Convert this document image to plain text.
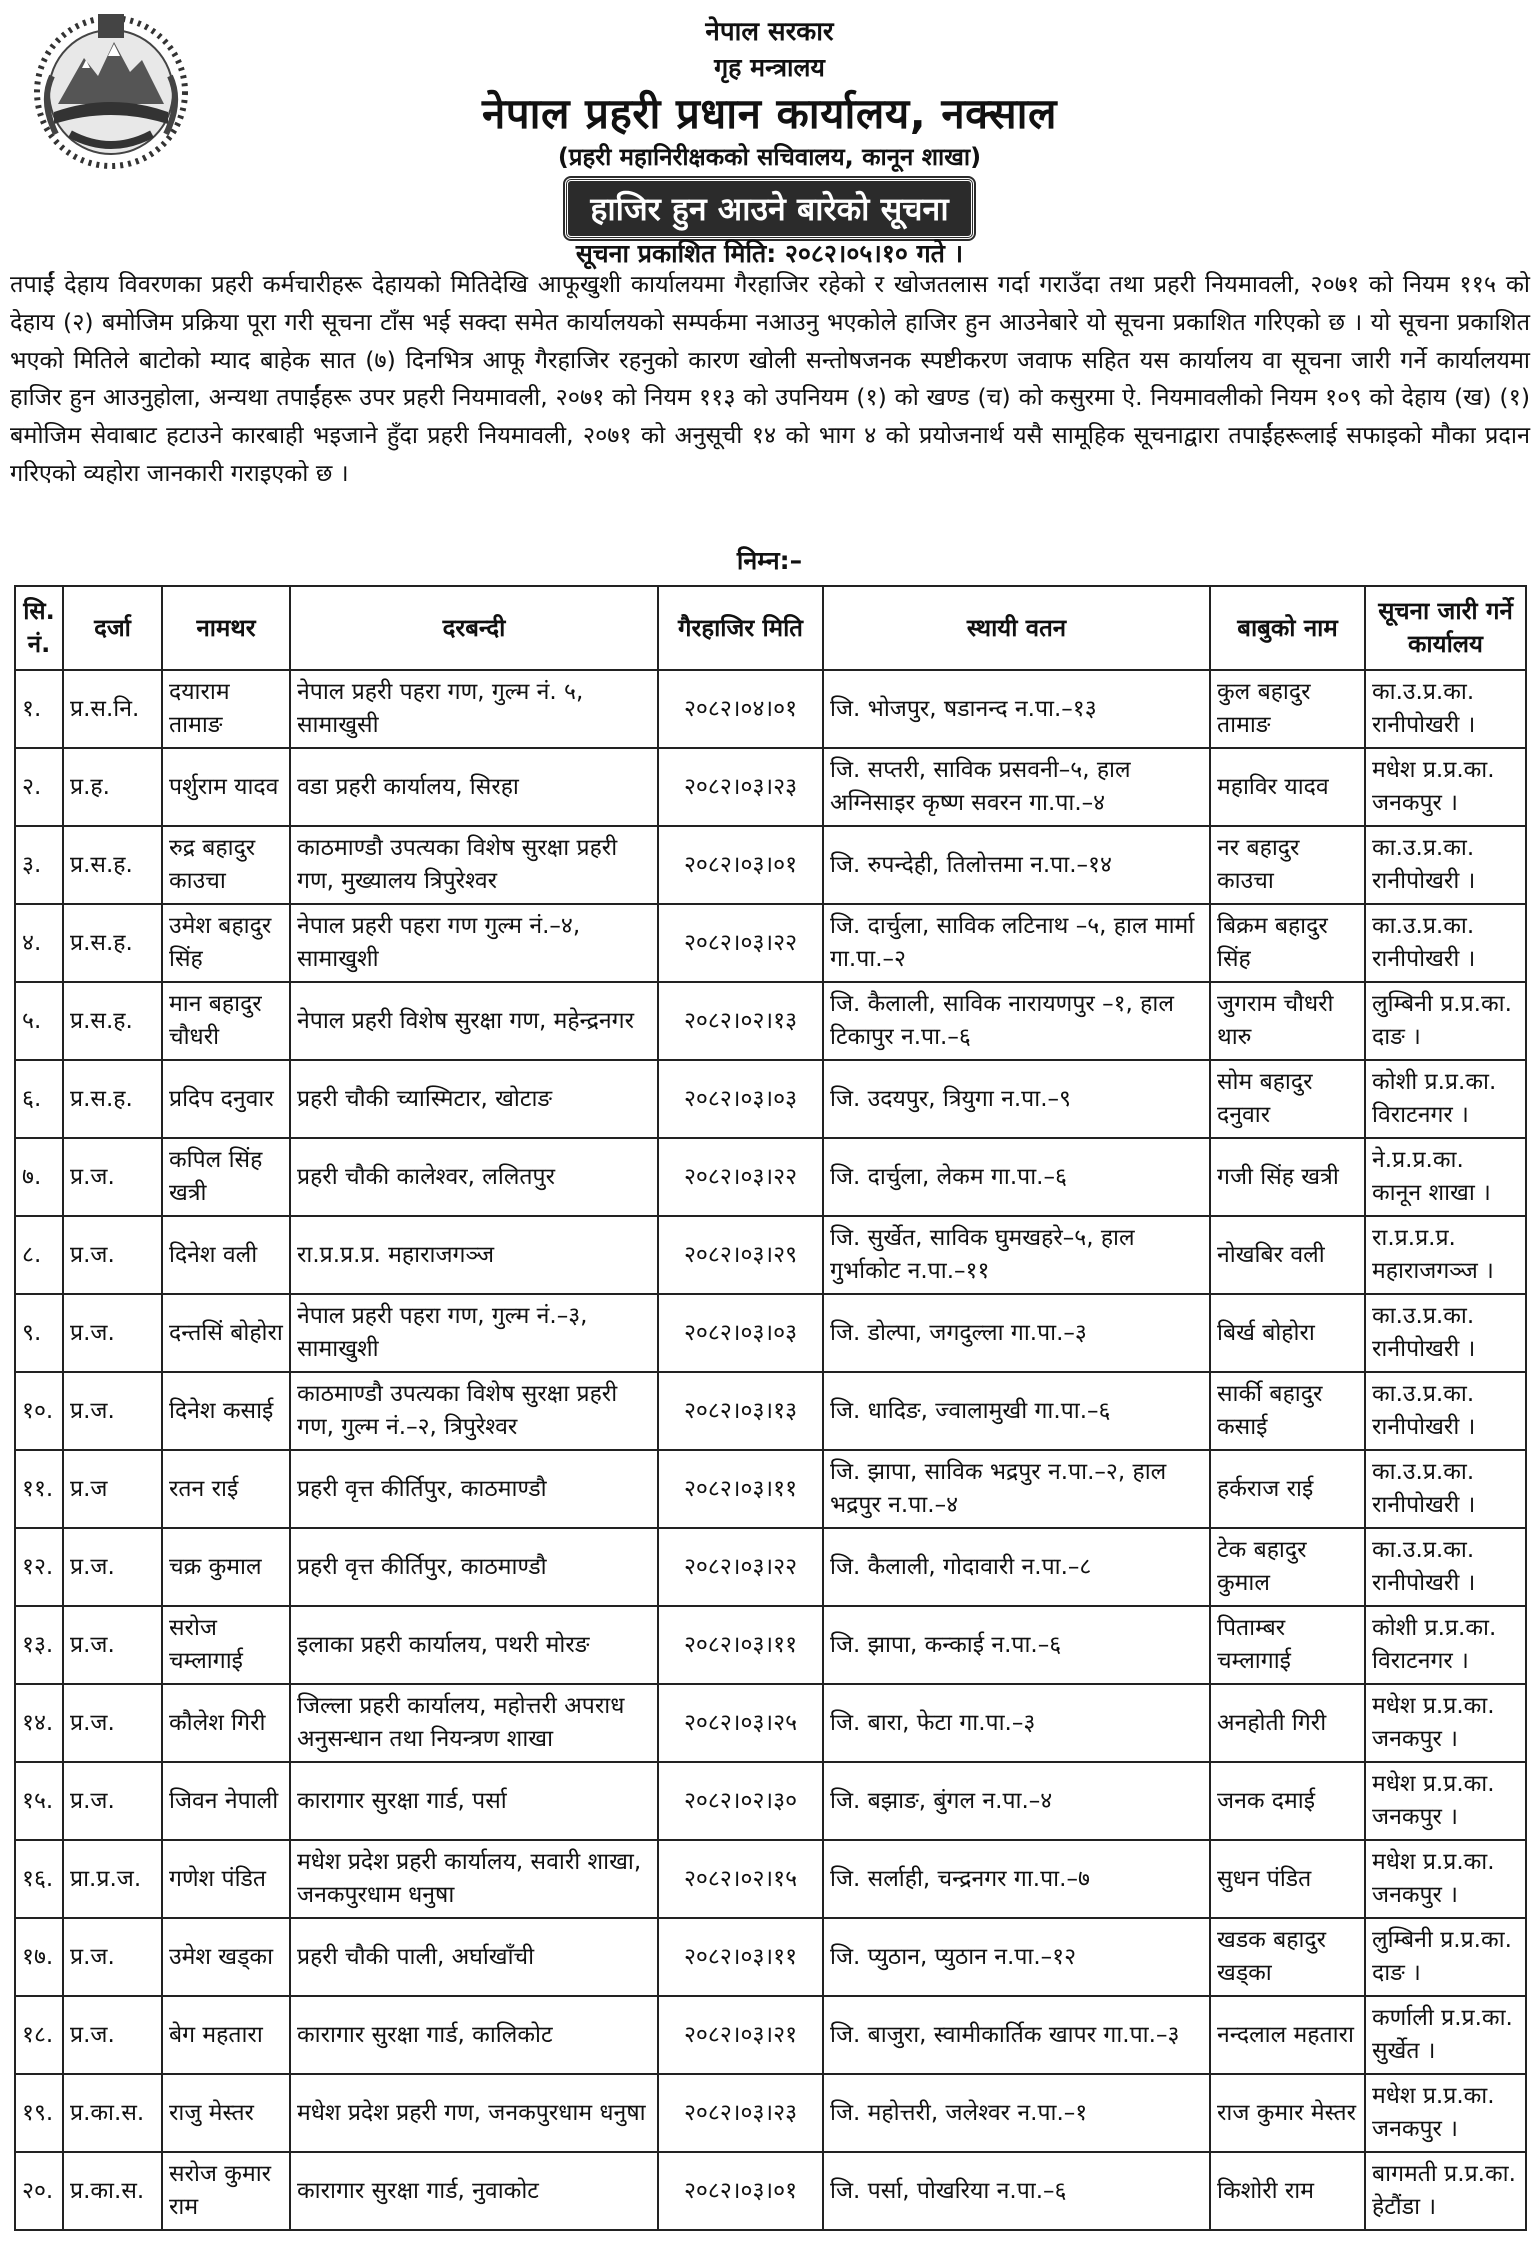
नेपाल सरकार
गृह मन्त्रालय
नेपाल प्रहरी प्रधान कार्यालय, नक्साल
(प्रहरी महानिरीक्षकको सचिवालय, कानून शाखा)
हाजिर हुन आउने बारेको सूचना
सूचना प्रकाशित मिति: २०८२।०५।१० गते ।
तपाईं देहाय विवरणका प्रहरी कर्मचारीहरू देहायको मितिदेखि आफूखुशी कार्यालयमा गैरहाजिर रहेको र खोजतलास गर्दा गराउँदा तथा प्रहरी नियमावली, २०७१ को नियम ११५ को देहाय (२) बमोजिम प्रक्रिया पूरा गरी सूचना टाँस भई सक्दा समेत कार्यालयको सम्पर्कमा नआउनु भएकोले हाजिर हुन आउनेबारे यो सूचना प्रकाशित गरिएको छ । यो सूचना प्रकाशित भएको मितिले बाटोको म्याद बाहेक सात (७) दिनभित्र आफू गैरहाजिर रहनुको कारण खोली सन्तोषजनक स्पष्टीकरण जवाफ सहित यस कार्यालय वा सूचना जारी गर्ने कार्यालयमा हाजिर हुन आउनुहोला, अन्यथा तपाईंहरू उपर प्रहरी नियमावली, २०७१ को नियम ११३ को उपनियम (१) को खण्ड (च) को कसुरमा ऐ. नियमावलीको नियम १०९ को देहाय (ख) (१) बमोजिम सेवाबाट हटाउने कारबाही भइजाने हुँदा प्रहरी नियमावली, २०७१ को अनुसूची १४ को भाग ४ को प्रयोजनार्थ यसै सामूहिक सूचनाद्वारा तपाईंहरूलाई सफाइको मौका प्रदान गरिएको व्यहोरा जानकारी गराइएको छ ।
निम्न:–
सि. नं.	दर्जा	नामथर	दरबन्दी	गैरहाजिर मिति	स्थायी वतन	बाबुको नाम	सूचना जारी गर्ने कार्यालय
१.	प्र.स.नि.	दयाराम तामाङ	नेपाल प्रहरी पहरा गण, गुल्म नं. ५, सामाखुसी	२०८२।०४।०१	जि. भोजपुर, षडानन्द न.पा.–१३	कुल बहादुर तामाङ	का.उ.प्र.का. रानीपोखरी ।
२.	प्र.ह.	पर्शुराम यादव	वडा प्रहरी कार्यालय, सिरहा	२०८२।०३।२३	जि. सप्तरी, साविक प्रसवनी–५, हाल अग्निसाइर कृष्ण सवरन गा.पा.–४	महाविर यादव	मधेश प्र.प्र.का. जनकपुर ।
३.	प्र.स.ह.	रुद्र बहादुर काउचा	काठमाण्डौ उपत्यका विशेष सुरक्षा प्रहरी गण, मुख्यालय त्रिपुरेश्वर	२०८२।०३।०१	जि. रुपन्देही, तिलोत्तमा न.पा.–१४	नर बहादुर काउचा	का.उ.प्र.का. रानीपोखरी ।
४.	प्र.स.ह.	उमेश बहादुर सिंह	नेपाल प्रहरी पहरा गण गुल्म नं.–४, सामाखुशी	२०८२।०३।२२	जि. दार्चुला, साविक लटिनाथ –५, हाल मार्मा गा.पा.–२	बिक्रम बहादुर सिंह	का.उ.प्र.का. रानीपोखरी ।
५.	प्र.स.ह.	मान बहादुर चौधरी	नेपाल प्रहरी विशेष सुरक्षा गण, महेन्द्रनगर	२०८२।०२।१३	जि. कैलाली, साविक नारायणपुर –१, हाल टिकापुर न.पा.–६	जुगराम चौधरी थारु	लुम्बिनी प्र.प्र.का. दाङ ।
६.	प्र.स.ह.	प्रदिप दनुवार	प्रहरी चौकी च्यास्मिटार, खोटाङ	२०८२।०३।०३	जि. उदयपुर, त्रियुगा न.पा.–९	सोम बहादुर दनुवार	कोशी प्र.प्र.का. विराटनगर ।
७.	प्र.ज.	कपिल सिंह खत्री	प्रहरी चौकी कालेश्वर, ललितपुर	२०८२।०३।२२	जि. दार्चुला, लेकम गा.पा.–६	गजी सिंह खत्री	ने.प्र.प्र.का. कानून शाखा ।
८.	प्र.ज.	दिनेश वली	रा.प्र.प्र.प्र. महाराजगञ्ज	२०८२।०३।२९	जि. सुर्खेत, साविक घुमखहरे–५, हाल गुर्भाकोट न.पा.–११	नोखबिर वली	रा.प्र.प्र.प्र. महाराजगञ्ज ।
९.	प्र.ज.	दन्तसिं बोहोरा	नेपाल प्रहरी पहरा गण, गुल्म नं.–३, सामाखुशी	२०८२।०३।०३	जि. डोल्पा, जगदुल्ला गा.पा.–३	बिर्ख बोहोरा	का.उ.प्र.का. रानीपोखरी ।
१०.	प्र.ज.	दिनेश कसाई	काठमाण्डौ उपत्यका विशेष सुरक्षा प्रहरी गण, गुल्म नं.–२, त्रिपुरेश्वर	२०८२।०३।१३	जि. धादिङ, ज्वालामुखी गा.पा.–६	सार्की बहादुर कसाई	का.उ.प्र.का. रानीपोखरी ।
११.	प्र.ज	रतन राई	प्रहरी वृत्त कीर्तिपुर, काठमाण्डौ	२०८२।०३।११	जि. झापा, साविक भद्रपुर न.पा.–२, हाल भद्रपुर न.पा.–४	हर्कराज राई	का.उ.प्र.का. रानीपोखरी ।
१२.	प्र.ज.	चक्र कुमाल	प्रहरी वृत्त कीर्तिपुर, काठमाण्डौ	२०८२।०३।२२	जि. कैलाली, गोदावारी न.पा.–८	टेक बहादुर कुमाल	का.उ.प्र.का. रानीपोखरी ।
१३.	प्र.ज.	सरोज चम्लागाई	इलाका प्रहरी कार्यालय, पथरी मोरङ	२०८२।०३।११	जि. झापा, कन्काई न.पा.–६	पिताम्बर चम्लागाई	कोशी प्र.प्र.का. विराटनगर ।
१४.	प्र.ज.	कौलेश गिरी	जिल्ला प्रहरी कार्यालय, महोत्तरी अपराध अनुसन्धान तथा नियन्त्रण शाखा	२०८२।०३।२५	जि. बारा, फेटा गा.पा.–३	अनहोती गिरी	मधेश प्र.प्र.का. जनकपुर ।
१५.	प्र.ज.	जिवन नेपाली	कारागार सुरक्षा गार्ड, पर्सा	२०८२।०२।३०	जि. बझाङ, बुंगल न.पा.–४	जनक दमाई	मधेश प्र.प्र.का. जनकपुर ।
१६.	प्रा.प्र.ज.	गणेश पंडित	मधेश प्रदेश प्रहरी कार्यालय, सवारी शाखा, जनकपुरधाम धनुषा	२०८२।०२।१५	जि. सर्लाही, चन्द्रनगर गा.पा.–७	सुधन पंडित	मधेश प्र.प्र.का. जनकपुर ।
१७.	प्र.ज.	उमेश खड्का	प्रहरी चौकी पाली, अर्घाखाँची	२०८२।०३।११	जि. प्युठान, प्युठान न.पा.–१२	खडक बहादुर खड्का	लुम्बिनी प्र.प्र.का. दाङ ।
१८.	प्र.ज.	बेग महतारा	कारागार सुरक्षा गार्ड, कालिकोट	२०८२।०३।२१	जि. बाजुरा, स्वामीकार्तिक खापर गा.पा.–३	नन्दलाल महतारा	कर्णाली प्र.प्र.का. सुर्खेत ।
१९.	प्र.का.स.	राजु मेस्तर	मधेश प्रदेश प्रहरी गण, जनकपुरधाम धनुषा	२०८२।०३।२३	जि. महोत्तरी, जलेश्वर न.पा.–१	राज कुमार मेस्तर	मधेश प्र.प्र.का. जनकपुर ।
२०.	प्र.का.स.	सरोज कुमार राम	कारागार सुरक्षा गार्ड, नुवाकोट	२०८२।०३।०१	जि. पर्सा, पोखरिया न.पा.–६	किशोरी राम	बागमती प्र.प्र.का. हेटौंडा ।
